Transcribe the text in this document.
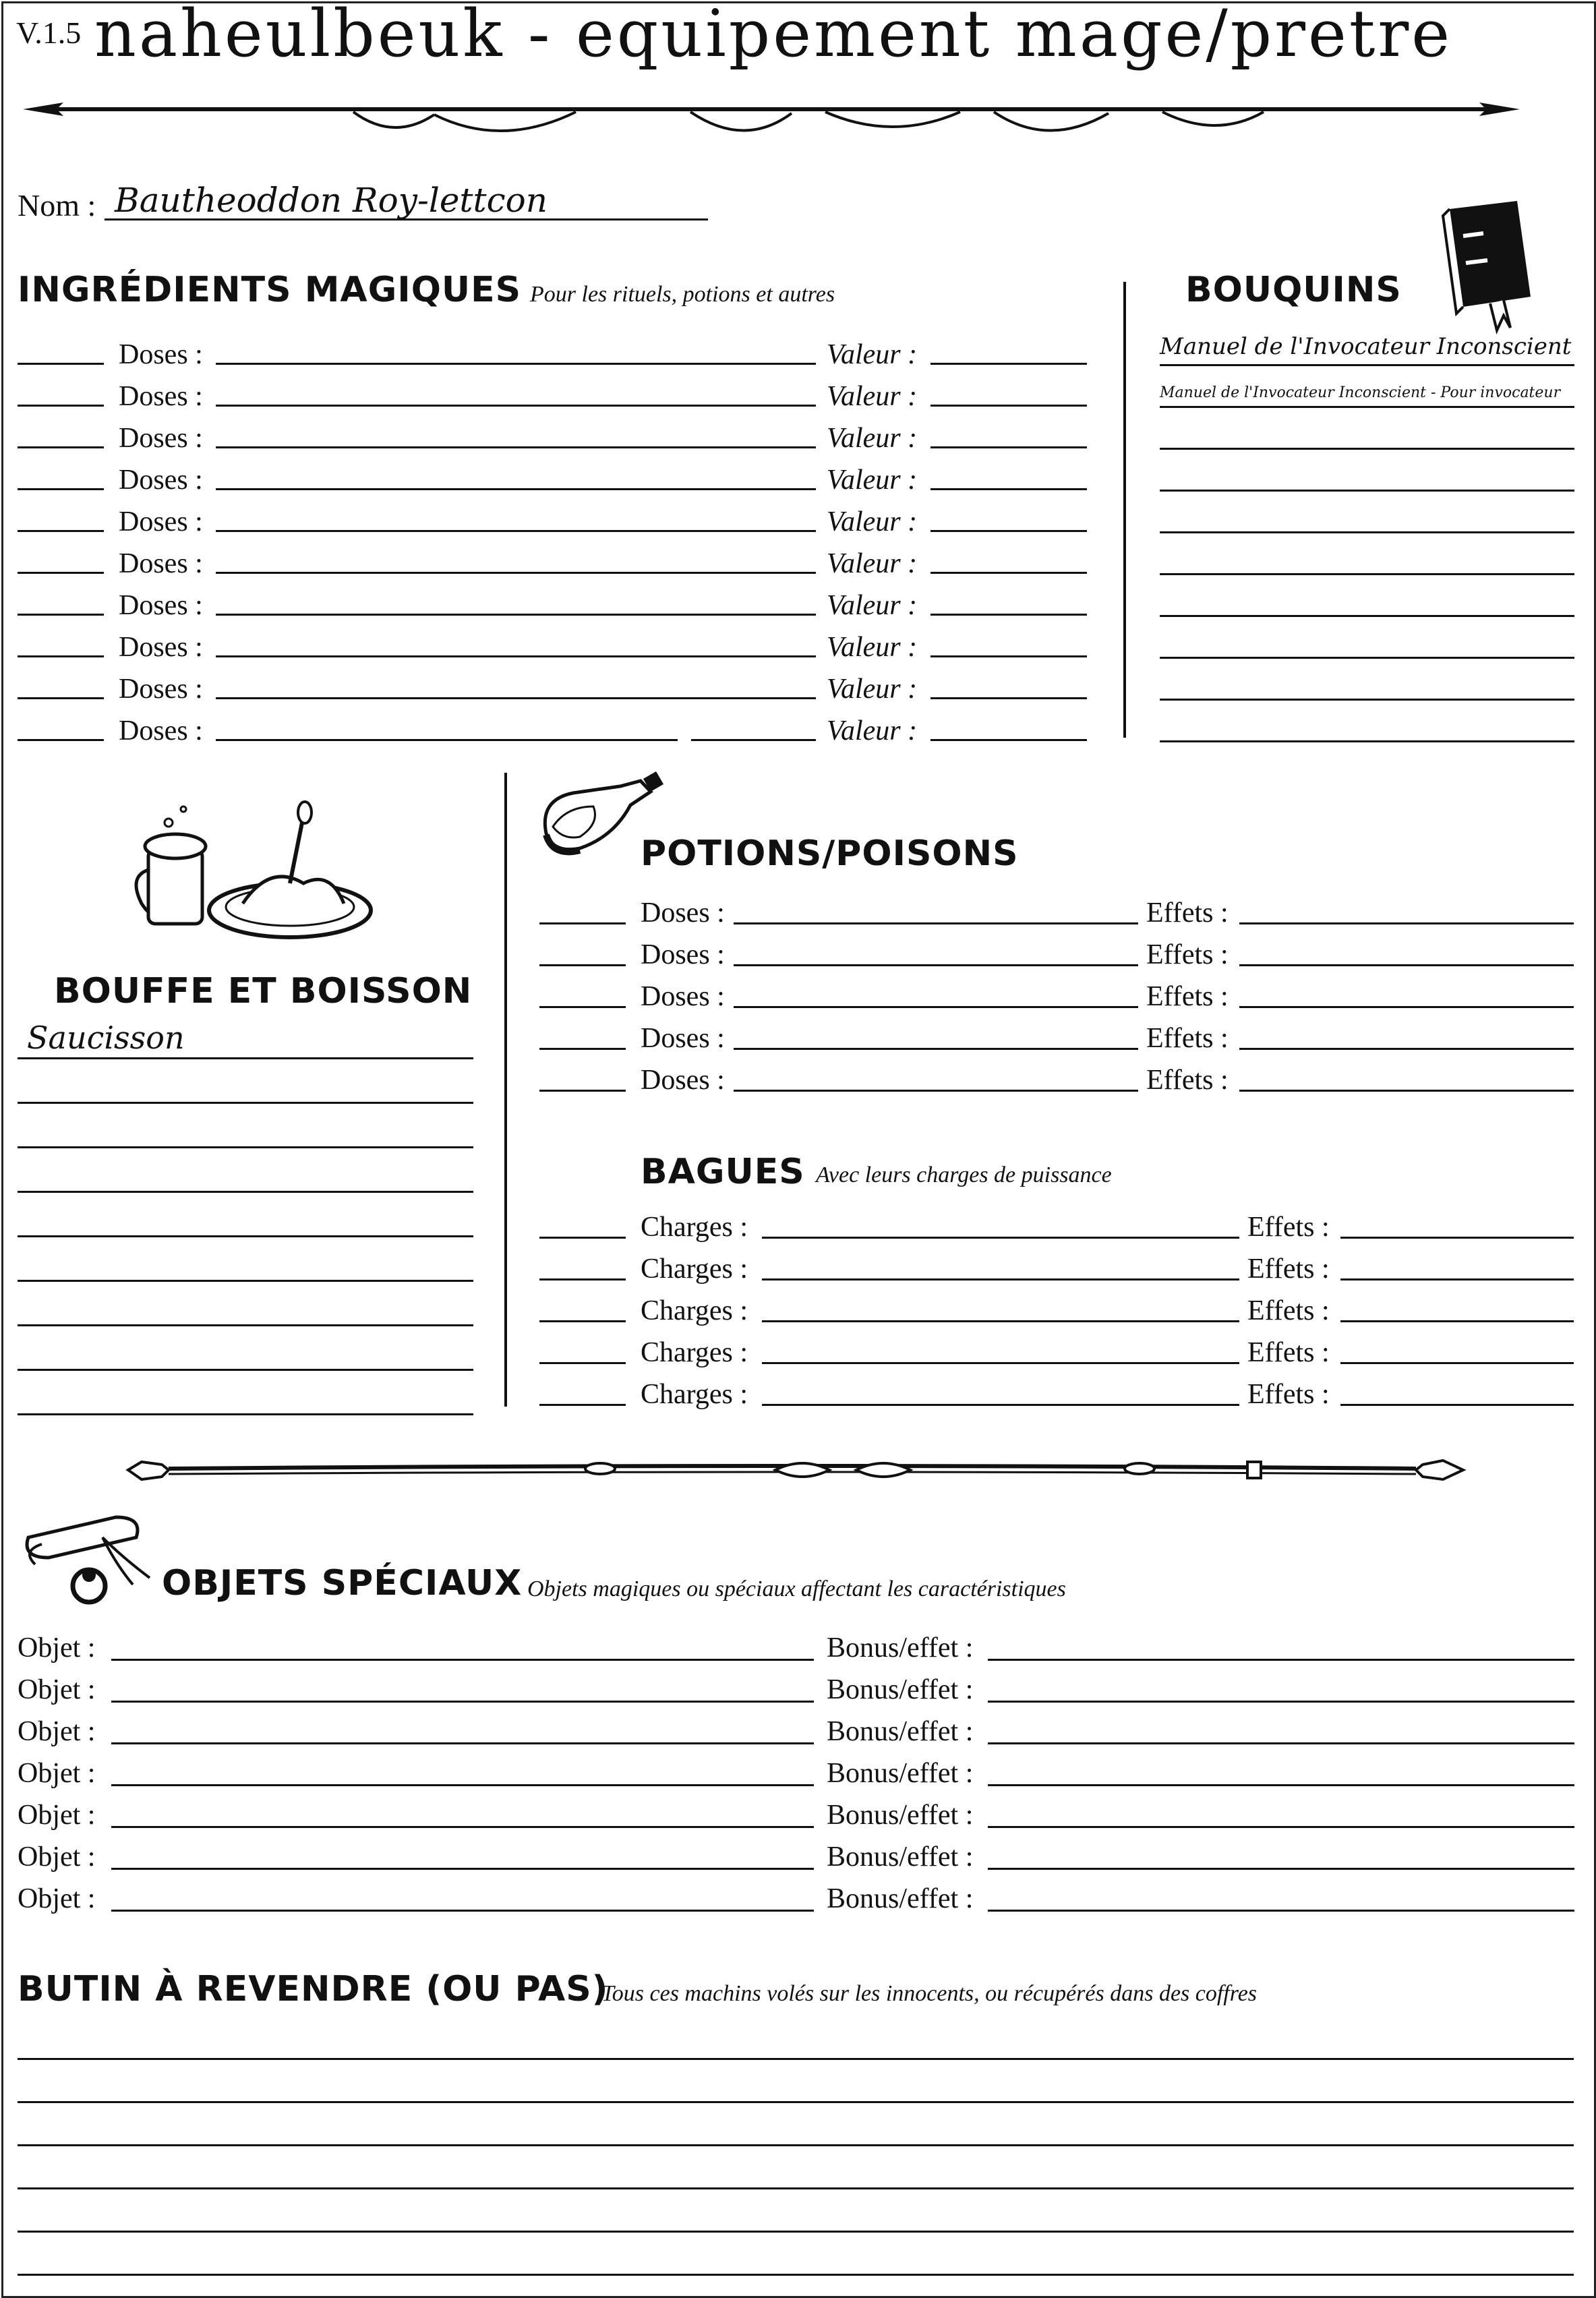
V.1.5 naheulbeuk - equipement mage/pretre
Nom : Bautheoddon Roy-lettcon
INGRÉDIENTS MAGIQUES Pour les rituels, potions et autres
Doses :	Valeur :
Doses :	Valeur :
Doses :	Valeur :
Doses :	Valeur :
Doses :	Valeur :
Doses :	Valeur :
Doses :	Valeur :
Doses :	Valeur :
Doses :	Valeur :
Doses :	Valeur :
BOUQUINS
Manuel de l'Invocateur Inconscient
Manuel de l'Invocateur Inconscient - Pour invocateur
BOUFFE ET BOISSON
Saucisson
POTIONS/POISONS
Doses :	Effets :
Doses :	Effets :
Doses :	Effets :
Doses :	Effets :
Doses :	Effets :
BAGUES Avec leurs charges de puissance
Charges :	Effets :
Charges :	Effets :
Charges :	Effets :
Charges :	Effets :
Charges :	Effets :
OBJETS SPÉCIAUX Objets magiques ou spéciaux affectant les caractéristiques
Objet :	Bonus/effet :
Objet :	Bonus/effet :
Objet :	Bonus/effet :
Objet :	Bonus/effet :
Objet :	Bonus/effet :
Objet :	Bonus/effet :
Objet :	Bonus/effet :
BUTIN À REVENDRE (OU PAS)
Tous ces machins volés sur les innocents, ou récupérés dans des coffres
